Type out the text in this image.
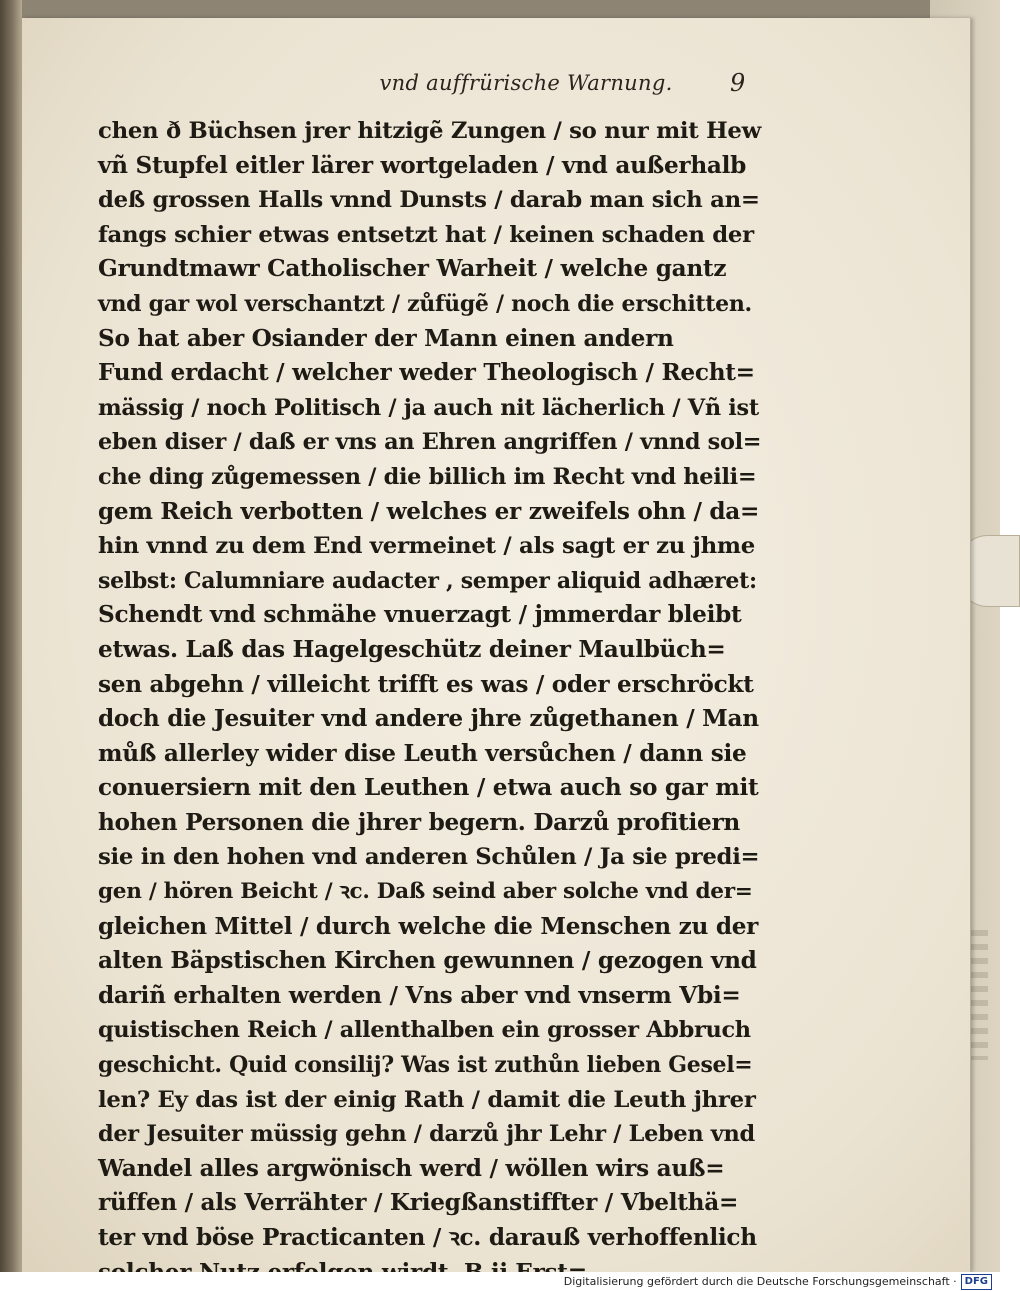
vnd auffrürische Warnung. 9
chen ð Büchsen jrer hitzigẽ Zungen / so nur mit Hew
vñ Stupfel eitler lärer wortgeladen / vnd außerhalb
deß grossen Halls vnnd Dunsts / darab man sich an=
fangs schier etwas entsetzt hat / keinen schaden der
Grundtmawr Catholischer Warheit / welche gantz
vnd gar wol verschantzt / zůfügẽ / noch die erschitten.
So hat aber Osiander der Mann einen andern
Fund erdacht / welcher weder Theologisch / Recht=
mässig / noch Politisch / ja auch nit lächerlich / Vñ ist
eben diser / daß er vns an Ehren angriffen / vnnd sol=
che ding zůgemessen / die billich im Recht vnd heili=
gem Reich verbotten / welches er zweifels ohn / da=
hin vnnd zu dem End vermeinet / als sagt er zu jhme
selbst: Calumniare audacter , semper aliquid adhæret:
Schendt vnd schmähe vnuerzagt / jmmerdar bleibt
etwas. Laß das Hagelgeschütz deiner Maulbüch=
sen abgehn / villeicht trifft es was / oder erschröckt
doch die Jesuiter vnd andere jhre zůgethanen / Man
můß allerley wider dise Leuth versůchen / dann sie
conuersiern mit den Leuthen / etwa auch so gar mit
hohen Personen die jhrer begern. Darzů profitiern
sie in den hohen vnd anderen Schůlen / Ja sie predi=
gen / hören Beicht / ꝛc. Daß seind aber solche vnd der=
gleichen Mittel / durch welche die Menschen zu der
alten Bäpstischen Kirchen gewunnen / gezogen vnd
dariñ erhalten werden / Vns aber vnd vnserm Vbi=
quistischen Reich / allenthalben ein grosser Abbruch
geschicht. Quid consilij? Was ist zuthůn lieben Gesel=
len? Ey das ist der einig Rath / damit die Leuth jhrer
der Jesuiter müssig gehn / darzů jhr Lehr / Leben vnd
Wandel alles argwönisch werd / wöllen wirs auß=
rüffen / als Verrähter / Kriegßanstiffter / Vbelthä=
ter vnd böse Practicanten / ꝛc. darauß verhoffenlich
Digitalisierung gefördert durch die Deutsche Forschungsgemeinschaft · DFG
